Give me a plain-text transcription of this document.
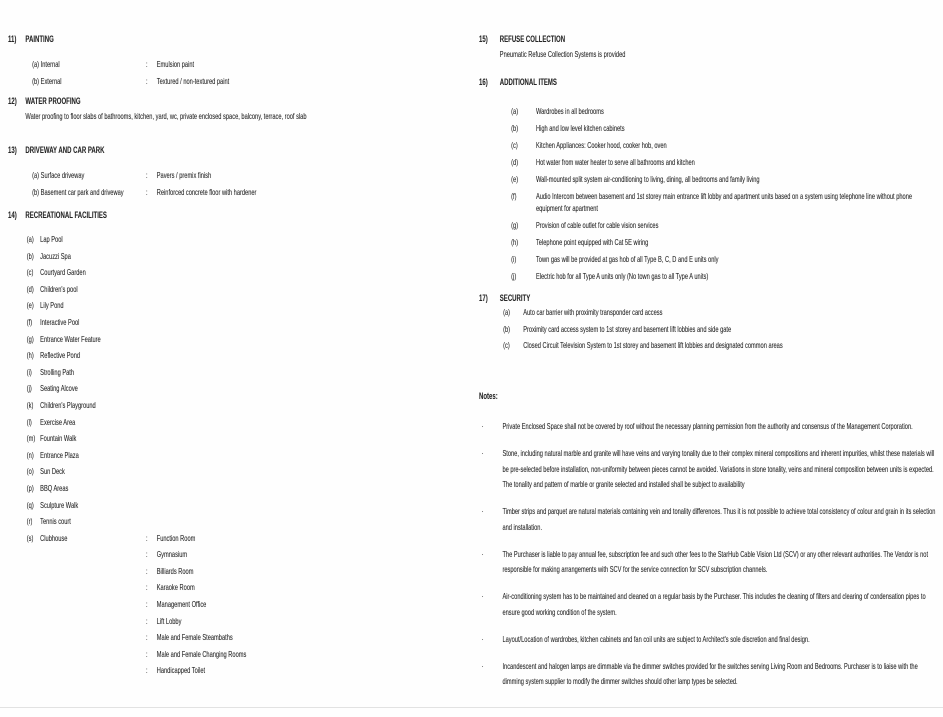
11)	PAINTING
(a) Internal	:	Emulsion paint
(b) External	:	Textured / non-textured paint
12) WATER PROOFING
Water proofing to floor slabs of bathrooms, kitchen, yard, wc, private enclosed space, balcony, terrace, roof slab
13) DRIVEWAY AND CAR PARK
(a) Surface driveway	:	Pavers / premix finish
(b) Basement car park and driveway	:	Reinforced concrete floor with hardener
14) RECREATIONAL FACILITIES
(a) Lap Pool
(b) Jacuzzi Spa
(c) Courtyard Garden
(d) Children's pool
(e) Lily Pond
(f) Interactive Pool
(g) Entrance Water Feature
(h) Reflective Pond
(i) Strolling Path
(j) Seating Alcove
(k) Children's Playground
(l) Exercise Area
(m) Fountain Walk
(n) Entrance Plaza
(o) Sun Deck
(p) BBQ Areas
(q) Sculpture Walk
(r) Tennis court
(s) Clubhouse	:	Function Room
:	Gymnasium
:	Billiards Room
:	Karaoke Room
:	Management Office
:	Lift Lobby
:	Male and Female Steambaths
:	Male and Female Changing Rooms
:	Handicapped Toilet
15)	REFUSE COLLECTION
Pneumatic Refuse Collection Systems is provided
16)	ADDITIONAL ITEMS
(a)	Wardrobes in all bedrooms
(b)	High and low level kitchen cabinets
(c)	Kitchen Appliances: Cooker hood, cooker hob, oven
(d)	Hot water from water heater to serve all bathrooms and kitchen
(e)	Wall-mounted split system air-conditioning to living, dining, all bedrooms and family living
(f)	Audio Intercom between basement and 1st storey main entrance lift lobby and apartment units based on a system using telephone line without phone equipment for apartment
(g)	Provision of cable outlet for cable vision services
(h)	Telephone point equipped with Cat 5E wiring
(i)	Town gas will be provided at gas hob of all Type B, C, D and E units only
(j)	Electric hob for all Type A units only (No town gas to all Type A units)
17)	SECURITY
(a)	Auto car barrier with proximity transponder card access
(b)	Proximity card access system to 1st storey and basement lift lobbies and side gate
(c)	Closed Circuit Television System to 1st storey and basement lift lobbies and designated common areas
Notes:
·	Private Enclosed Space shall not be covered by roof without the necessary planning permission from the authority and consensus of the Management Corporation.
·	Stone, including natural marble and granite will have veins and varying tonality due to their complex mineral compositions and inherent impurities, whilst these materials will be pre-selected before installation, non-uniformity between pieces cannot be avoided. Variations in stone tonality, veins and mineral composition between units is expected. The tonality and pattern of marble or granite selected and installed shall be subject to availability
·	Timber strips and parquet are natural materials containing vein and tonality differences. Thus it is not possible to achieve total consistency of colour and grain in its selection and installation.
·	The Purchaser is liable to pay annual fee, subscription fee and such other fees to the StarHub Cable Vision Ltd (SCV) or any other relevant authorities. The Vendor is not responsible for making arrangements with SCV for the service connection for SCV subscription channels.
·	Air-conditioning system has to be maintained and cleaned on a regular basis by the Purchaser. This includes the cleaning of filters and clearing of condensation pipes to ensure good working condition of the system.
·	Layout/Location of wardrobes, kitchen cabinets and fan coil units are subject to Architect's sole discretion and final design.
·	Incandescent and halogen lamps are dimmable via the dimmer switches provided for the switches serving Living Room and Bedrooms. Purchaser is to liaise with the dimming system supplier to modify the dimmer switches should other lamp types be selected.
